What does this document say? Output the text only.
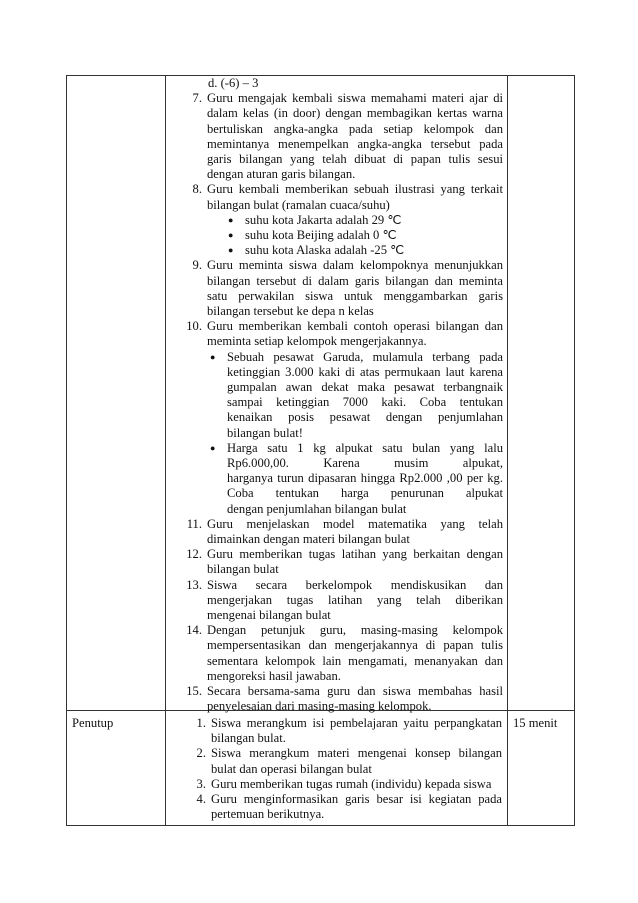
d. (-6) – 3
7. Guru mengajak kembali siswa memahami materi ajar di
dalam kelas (in door) dengan membagikan kertas warna
bertuliskan angka-angka pada setiap kelompok dan
memintanya menempelkan angka-angka tersebut pada
garis bilangan yang telah dibuat di papan tulis sesui
dengan aturan garis bilangan.
8. Guru kembali memberikan sebuah ilustrasi yang terkait
bilangan bulat (ramalan cuaca/suhu)
● suhu kota Jakarta adalah 29 ℃
● suhu kota Beijing adalah 0 ℃
● suhu kota Alaska adalah -25 ℃
9. Guru meminta siswa dalam kelompoknya menunjukkan
bilangan tersebut di dalam garis bilangan dan meminta
satu perwakilan siswa untuk menggambarkan garis
bilangan tersebut ke depa n kelas
10. Guru memberikan kembali contoh operasi bilangan dan
meminta setiap kelompok mengerjakannya.
● Sebuah pesawat Garuda, mulamula terbang pada
ketinggian 3.000 kaki di atas permukaan laut karena
gumpalan awan dekat maka pesawat terbangnaik
sampai ketinggian 7000 kaki. Coba tentukan
kenaikan posis pesawat dengan penjumlahan
bilangan bulat!
● Harga satu 1 kg alpukat satu bulan yang lalu
Rp6.000,00. Karena musim alpukat,
harganya turun dipasaran hingga Rp2.000 ,00 per kg.
Coba tentukan harga penurunan alpukat
dengan penjumlahan bilangan bulat
11. Guru menjelaskan model matematika yang telah
dimainkan dengan materi bilangan bulat
12. Guru memberikan tugas latihan yang berkaitan dengan
bilangan bulat
13. Siswa secara berkelompok mendiskusikan dan
mengerjakan tugas latihan yang telah diberikan
mengenai bilangan bulat
14. Dengan petunjuk guru, masing-masing kelompok
mempersentasikan dan mengerjakannya di papan tulis
sementara kelompok lain mengamati, menanyakan dan
mengoreksi hasil jawaban.
15. Secara bersama-sama guru dan siswa membahas hasil
penyelesaian dari masing-masing kelompok.
1. Siswa merangkum isi pembelajaran yaitu perpangkatan
bilangan bulat.
2. Siswa merangkum materi mengenai konsep bilangan
bulat dan operasi bilangan bulat
3. Guru memberikan tugas rumah (individu) kepada siswa
4. Guru menginformasikan garis besar isi kegiatan pada
pertemuan berikutnya.
Penutup	15 menit
